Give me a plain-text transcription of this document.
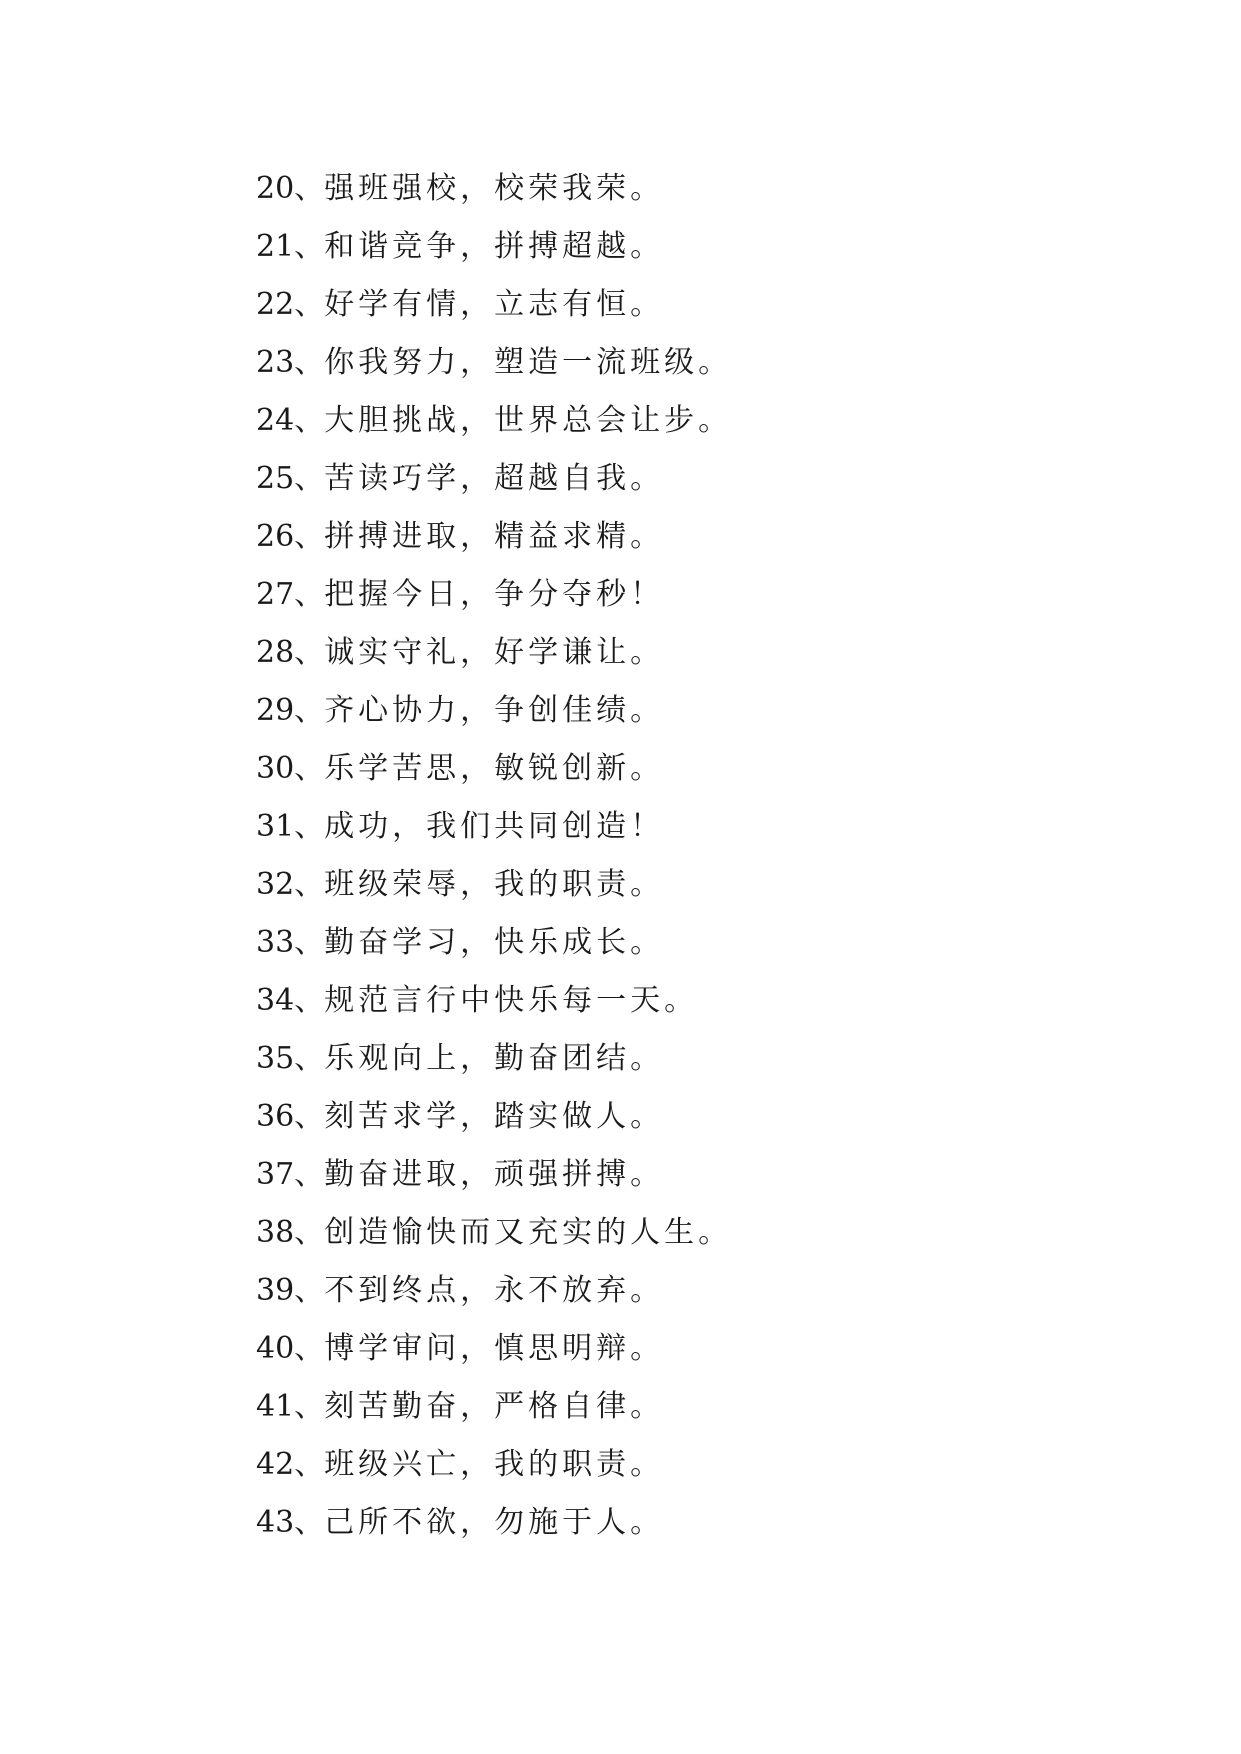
20、强班强校，校荣我荣。
21、和谐竞争，拼搏超越。
22、好学有情，立志有恒。
23、你我努力，塑造一流班级。
24、大胆挑战，世界总会让步。
25、苦读巧学，超越自我。
26、拼搏进取，精益求精。
27、把握今日，争分夺秒！
28、诚实守礼，好学谦让。
29、齐心协力，争创佳绩。
30、乐学苦思，敏锐创新。
31、成功，我们共同创造！
32、班级荣辱，我的职责。
33、勤奋学习，快乐成长。
34、规范言行中快乐每一天。
35、乐观向上，勤奋团结。
36、刻苦求学，踏实做人。
37、勤奋进取，顽强拼搏。
38、创造愉快而又充实的人生。
39、不到终点，永不放弃。
40、博学审问，慎思明辩。
41、刻苦勤奋，严格自律。
42、班级兴亡，我的职责。
43、己所不欲，勿施于人。
